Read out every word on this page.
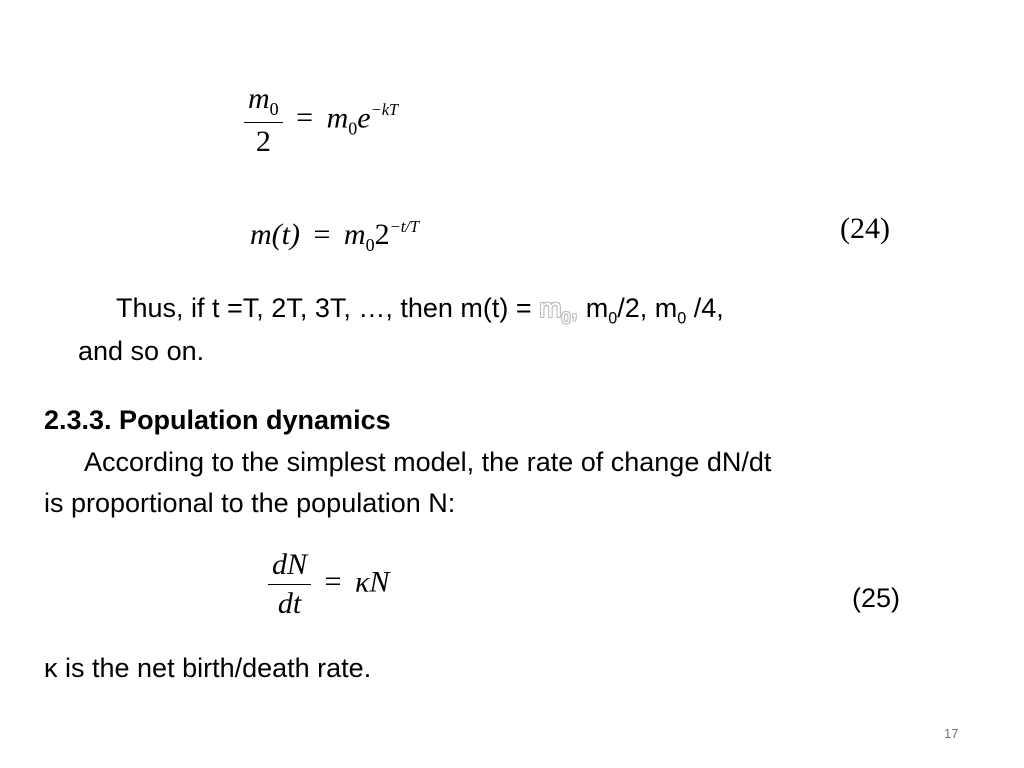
$\frac{m_0}{2} = m_0e^{-kT}$
$m(t) = m_02^{-t/T}$	(24)
Thus, if t =T, 2T, 3T, …, then $m(t) = m_0$, $m_0/2$, $m_0$ /4,
and so on.
2.3.3. Population dynamics
According to the simplest model, the rate of change dN/dt
is proportional to the population N:
$\frac{dN}{dt} = \kappa N$	(25)
κ is the net birth/death rate.
17
